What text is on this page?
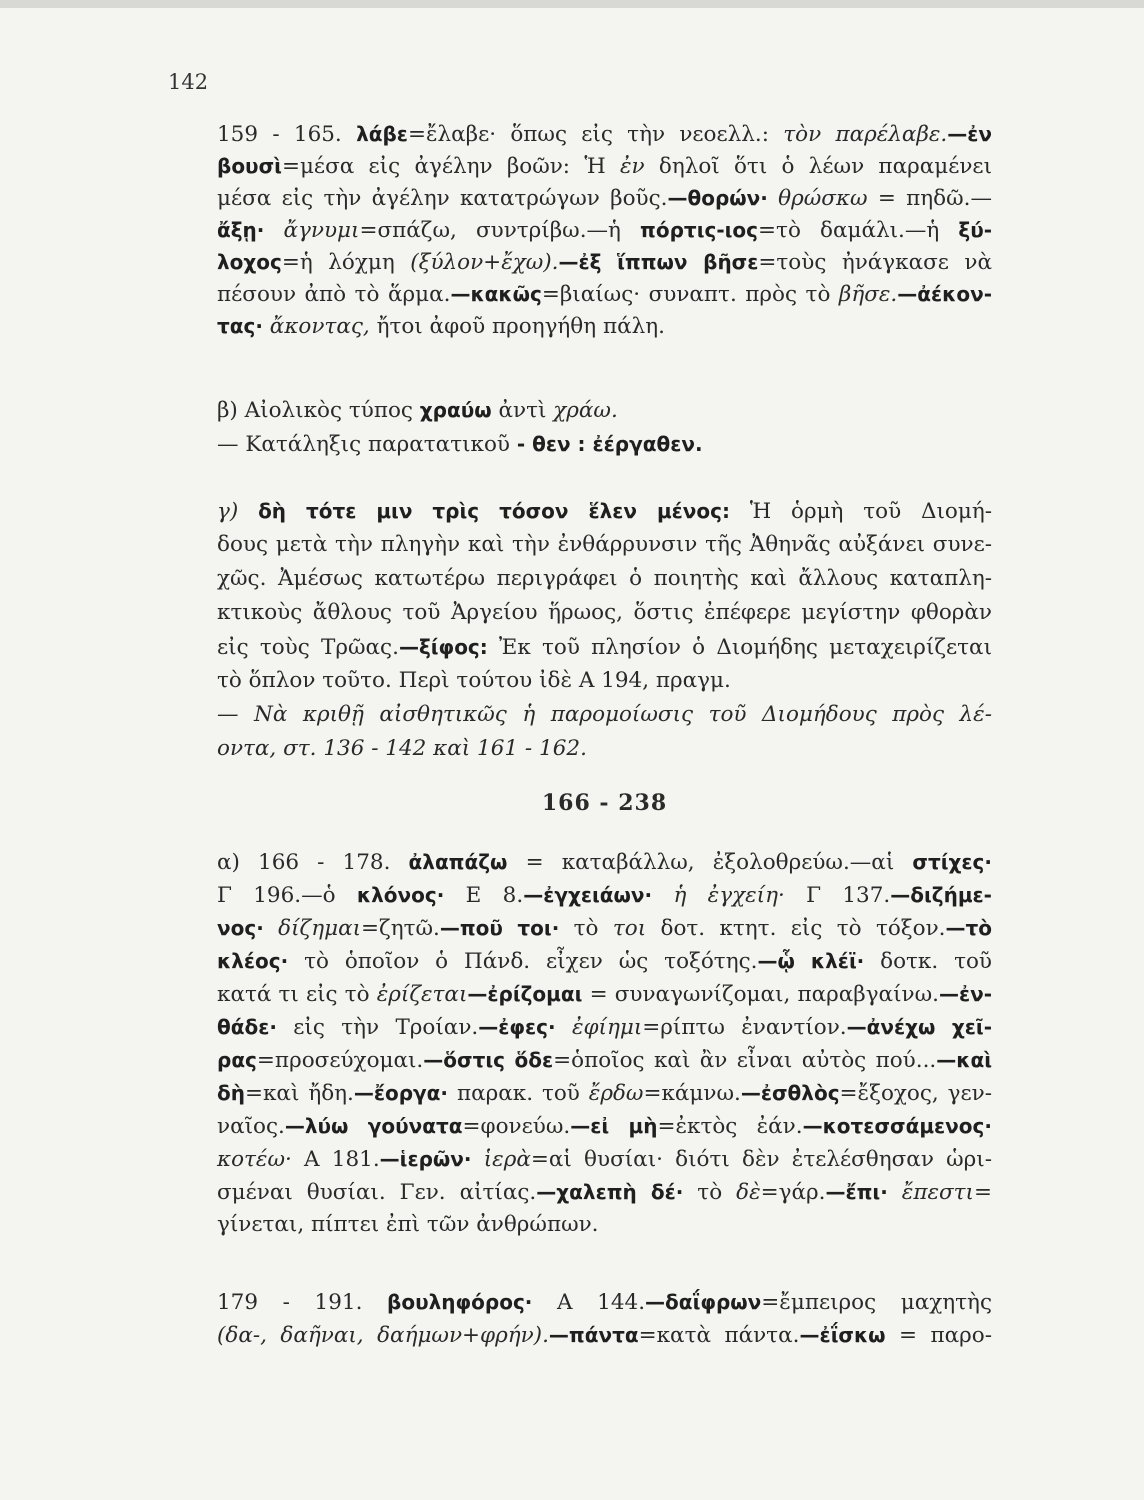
142
159 - 165. λάβε=ἔλαβε· ὅπως εἰς τὴν νεοελλ.: τὸν παρέλαβε.—ἐν
βουσὶ=μέσα εἰς ἀγέλην βοῶν: Ἡ ἐν δηλοῖ ὅτι ὁ λέων παραμένει
μέσα εἰς τὴν ἀγέλην κατατρώγων βοῦς.—θορών· θρώσκω = πηδῶ.—
ἄξῃ· ἄγνυμι=σπάζω, συντρίβω.—ἡ πόρτις-ιος=τὸ δαμάλι.—ἡ ξύ-
λοχος=ἡ λόχμη (ξύλον+ἔχω).—ἐξ ἵππων βῆσε=τοὺς ἠνάγκασε νὰ
πέσουν ἀπὸ τὸ ἅρμα.—κακῶς=βιαίως· συναπτ. πρὸς τὸ βῆσε.—ἀέκον-
τας· ἄκοντας, ἤτοι ἀφοῦ προηγήθη πάλη.
β) Αἰολικὸς τύπος χραύω ἀντὶ χράω.
— Κατάληξις παρατατικοῦ - θεν : ἐέργαθεν.
γ) δὴ τότε μιν τρὶς τόσον ἕλεν μένος: Ἡ ὁρμὴ τοῦ Διομή-
δους μετὰ τὴν πληγὴν καὶ τὴν ἐνθάρρυνσιν τῆς Ἀθηνᾶς αὐξάνει συνε-
χῶς. Ἀμέσως κατωτέρω περιγράφει ὁ ποιητὴς καὶ ἄλλους καταπλη-
κτικοὺς ἄθλους τοῦ Ἀργείου ἥρωος, ὅστις ἐπέφερε μεγίστην φθορὰν
εἰς τοὺς Τρῶας.—ξίφος: Ἐκ τοῦ πλησίον ὁ Διομήδης μεταχειρίζεται
τὸ ὅπλον τοῦτο. Περὶ τούτου ἰδὲ Α 194, πραγμ.
— Νὰ κριθῇ αἰσθητικῶς ἡ παρομοίωσις τοῦ Διομήδους πρὸς λέ-
οντα, στ. 136 - 142 καὶ 161 - 162.
166 - 238
α) 166 - 178. ἀλαπάζω = καταβάλλω, ἐξολοθρεύω.—αἱ στίχες·
Γ 196.—ὁ κλόνος· Ε 8.—ἐγχειάων· ἡ ἐγχείη· Γ 137.—διζήμε-
νος· δίζημαι=ζητῶ.—ποῦ τοι· τὸ τοι δοτ. κτητ. εἰς τὸ τόξον.—τὸ
κλέος· τὸ ὁποῖον ὁ Πάνδ. εἶχεν ὡς τοξότης.—ᾧ κλέϊ· δοτκ. τοῦ
κατά τι εἰς τὸ ἐρίζεται—ἐρίζομαι = συναγωνίζομαι, παραβγαίνω.—ἐν-
θάδε· εἰς τὴν Τροίαν.—ἐφες· ἐφίημι=ρίπτω ἐναντίον.—ἀνέχω χεῖ-
ρας=προσεύχομαι.—ὅστις ὅδε=ὁποῖος καὶ ἂν εἶναι αὐτὸς πού...—καὶ
δὴ=καὶ ἤδη.—ἔοργα· παρακ. τοῦ ἔρδω=κάμνω.—ἐσθλὸς=ἔξοχος, γεν-
ναῖος.—λύω γούνατα=φονεύω.—εἰ μὴ=ἐκτὸς ἐάν.—κοτεσσάμενος·
κοτέω· Α 181.—ἱερῶν· ἱερὰ=αἱ θυσίαι· διότι δὲν ἐτελέσθησαν ὡρι-
σμέναι θυσίαι. Γεν. αἰτίας.—χαλεπὴ δέ· τὸ δὲ=γάρ.—ἔπι· ἔπεστι=
γίνεται, πίπτει ἐπὶ τῶν ἀνθρώπων.
179 - 191. βουληφόρος· Α 144.—δαΐφρων=ἔμπειρος μαχητὴς
(δα-, δαῆναι, δαήμων+φρήν).—πάντα=κατὰ πάντα.—ἐΐσκω = παρο-
